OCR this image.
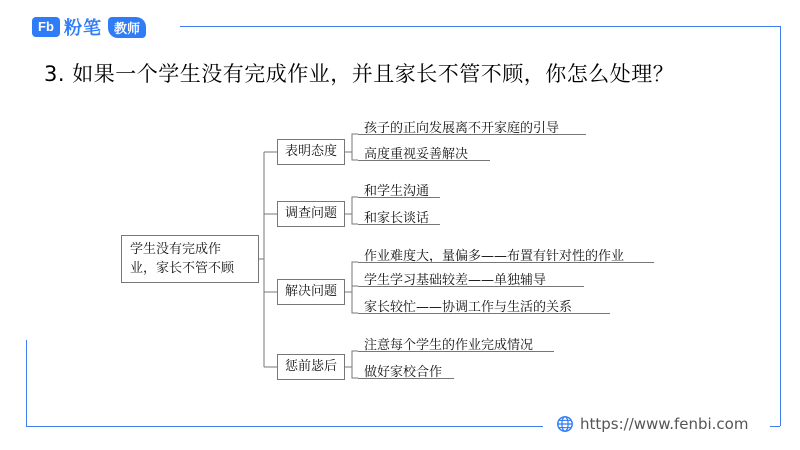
Fb 粉笔 教师
3. 如果一个学生没有完成作业，并且家长不管不顾，你怎么处理？
学生没有完成作
业，家长不管不顾
表明态度
孩子的正向发展离不开家庭的引导
高度重视妥善解决
调查问题
和学生沟通
和家长谈话
解决问题
作业难度大，量偏多——布置有针对性的作业
学生学习基础较差——单独辅导
家长较忙——协调工作与生活的关系
惩前毖后
注意每个学生的作业完成情况
做好家校合作
https://www.fenbi.com
